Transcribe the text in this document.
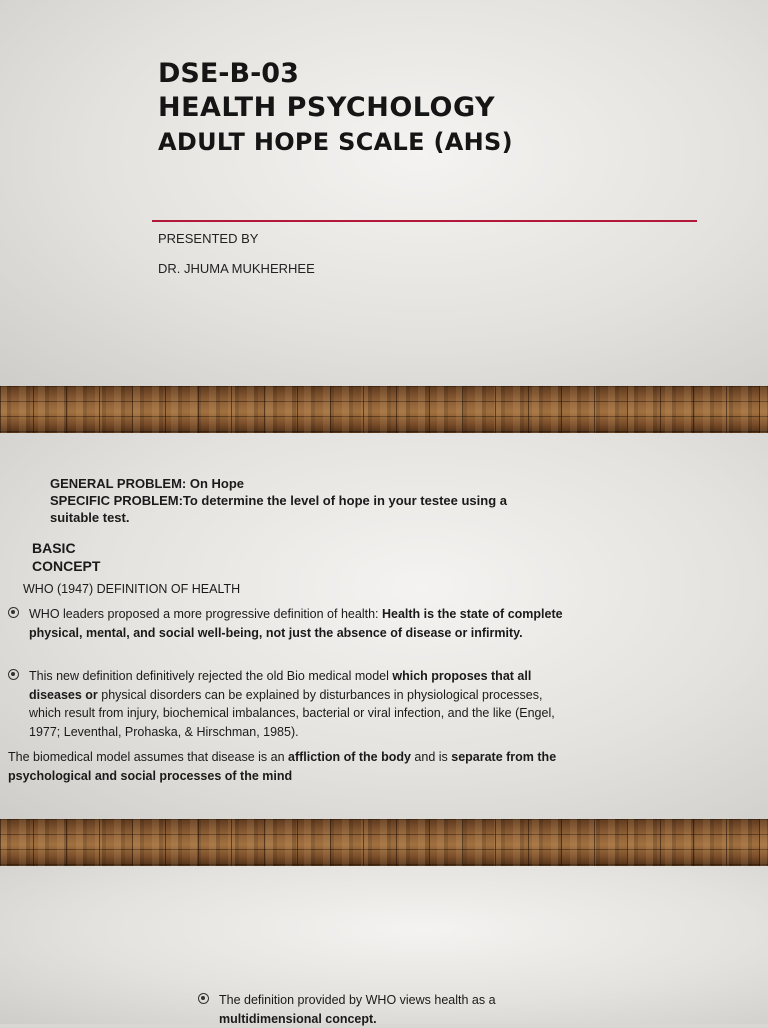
DSE-B-03
HEALTH PSYCHOLOGY
ADULT HOPE SCALE (AHS)
PRESENTED BY
DR. JHUMA MUKHERHEE
GENERAL PROBLEM: On Hope
SPECIFIC PROBLEM:To determine the level of hope in your testee using a suitable test.
BASIC CONCEPT
WHO (1947) DEFINITION OF HEALTH
WHO leaders proposed a more progressive definition of health: Health is the state of complete physical, mental, and social well-being, not just the absence of disease or infirmity.
This new definition definitively rejected the old Bio medical model which proposes that all diseases or physical disorders can be explained by disturbances in physiological processes, which result from injury, biochemical imbalances, bacterial or viral infection, and the like (Engel, 1977; Leventhal, Prohaska, & Hirschman, 1985).
The biomedical model assumes that disease is an affliction of the body and is separate from the psychological and social processes of the mind
The definition provided by WHO views health as a multidimensional concept.
